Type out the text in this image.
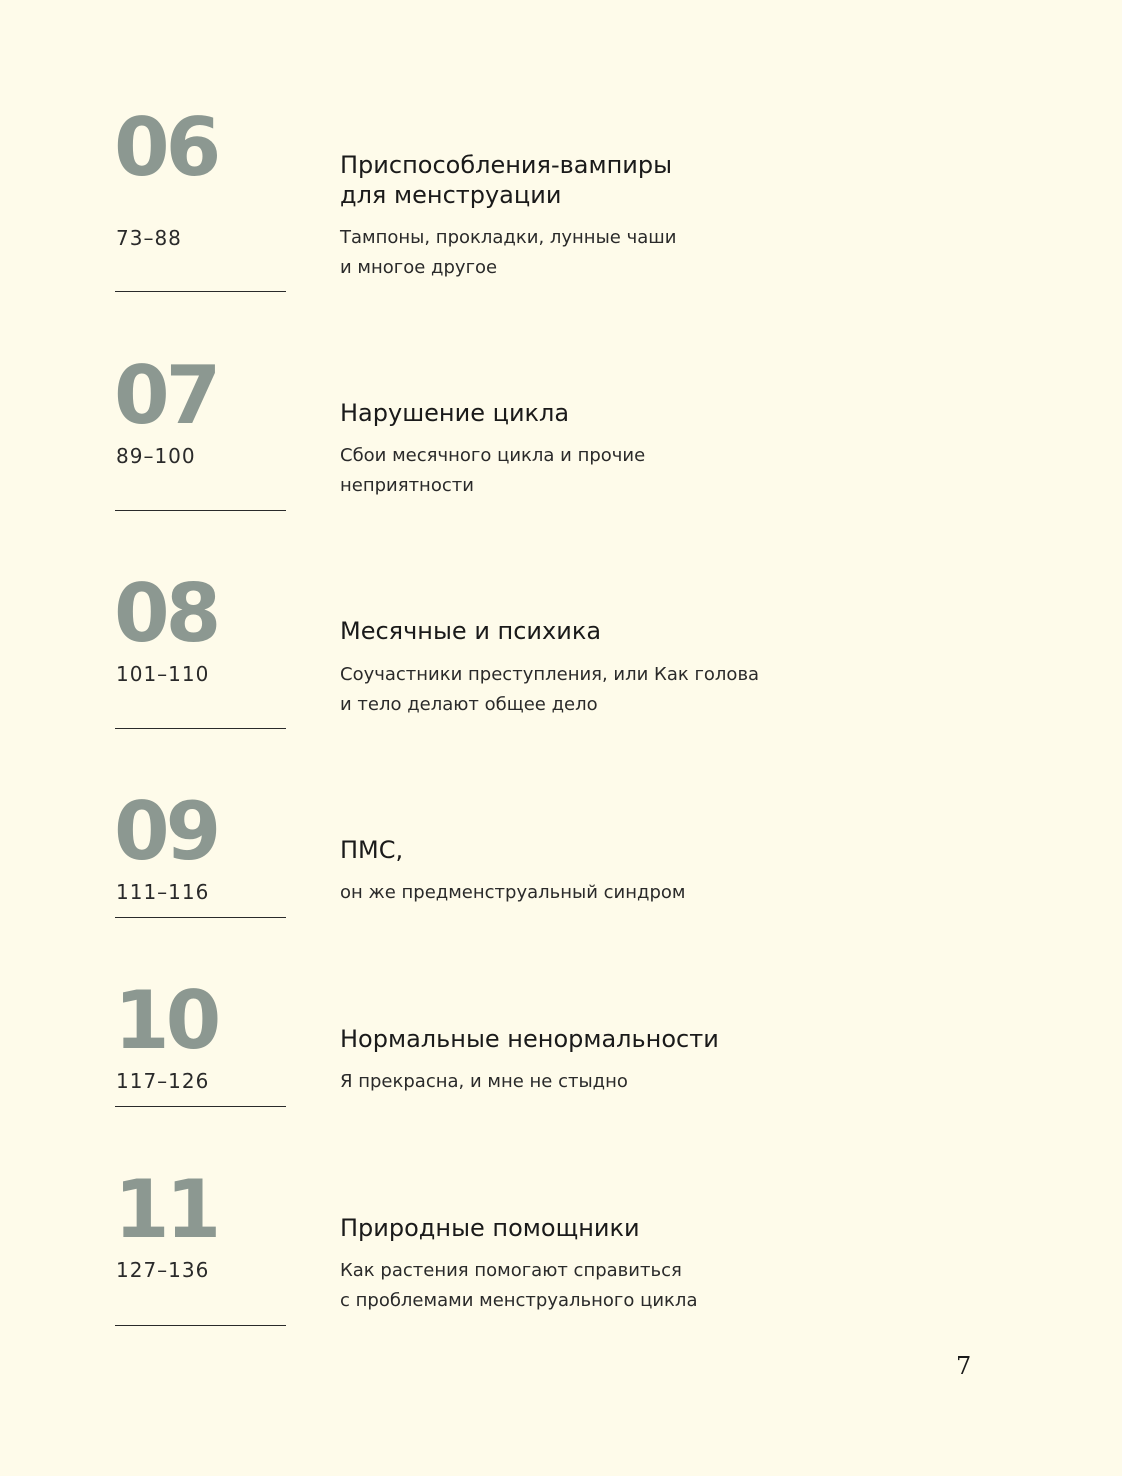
06
73–88
Приспособления-вампиры
для менструации

Тампоны, прокладки, лунные чаши
и многое другое

07
89–100
Нарушение цикла

Сбои месячного цикла и прочие
неприятности

08
101–110
Месячные и психика

Соучастники преступления, или Как голова
и тело делают общее дело

09
111–116
ПМС,

он же предменструальный синдром

10
117–126
Нормальные ненормальности

Я прекрасна, и мне не стыдно

11
127–136
Природные помощники

Как растения помогают справиться
с проблемами менструального цикла

7
